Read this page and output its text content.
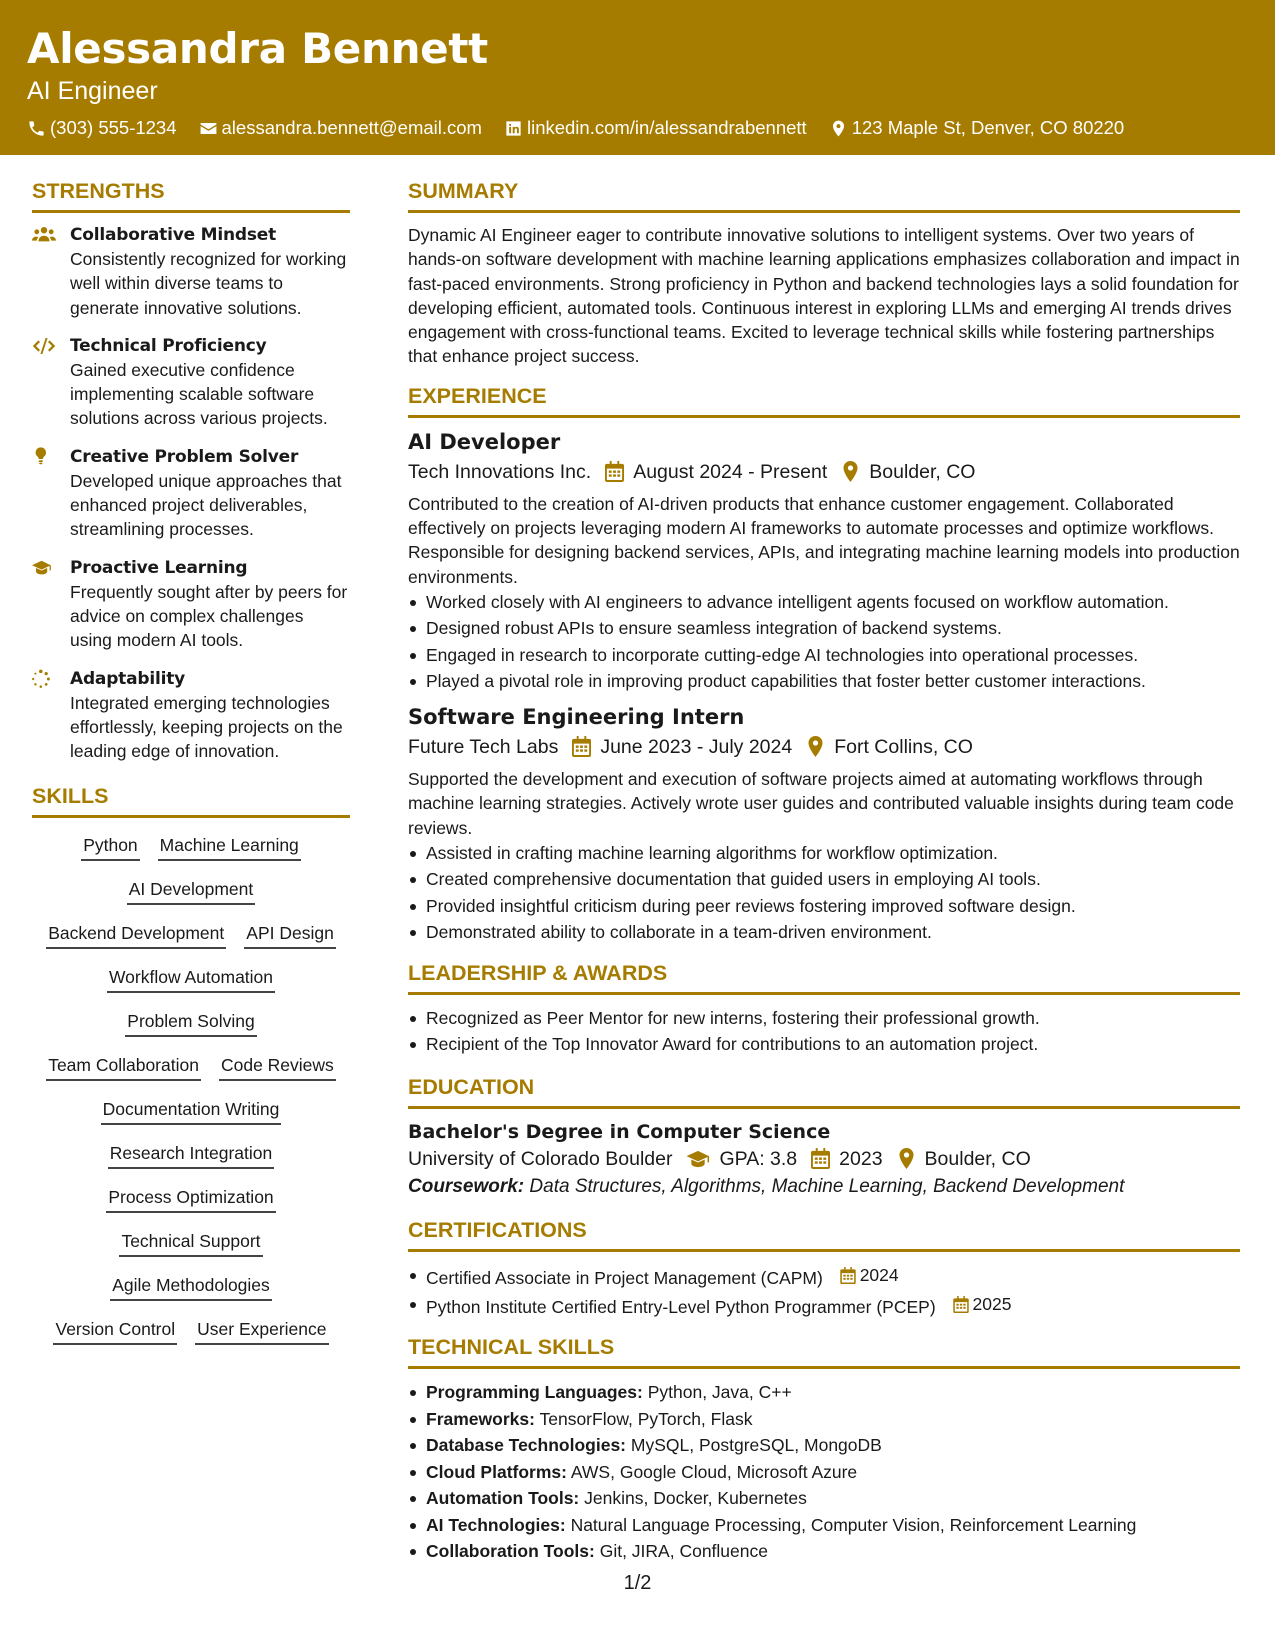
Alessandra Bennett
AI Engineer
(303) 555-1234 alessandra.bennett@email.com linkedin.com/in/alessandrabennett 123 Maple St, Denver, CO 80220
STRENGTHS
Collaborative Mindset
Consistently recognized for working well within diverse teams to generate innovative solutions.
Technical Proficiency
Gained executive confidence implementing scalable software solutions across various projects.
Creative Problem Solver
Developed unique approaches that enhanced project deliverables, streamlining processes.
Proactive Learning
Frequently sought after by peers for advice on complex challenges using modern AI tools.
Adaptability
Integrated emerging technologies effortlessly, keeping projects on the leading edge of innovation.
SKILLS
Python Machine Learning
AI Development
Backend Development API Design
Workflow Automation
Problem Solving
Team Collaboration Code Reviews
Documentation Writing
Research Integration
Process Optimization
Technical Support
Agile Methodologies
Version Control User Experience
SUMMARY
Dynamic AI Engineer eager to contribute innovative solutions to intelligent systems. Over two years of hands-on software development with machine learning applications emphasizes collaboration and impact in fast-paced environments. Strong proficiency in Python and backend technologies lays a solid foundation for developing efficient, automated tools. Continuous interest in exploring LLMs and emerging AI trends drives engagement with cross-functional teams. Excited to leverage technical skills while fostering partnerships that enhance project success.
EXPERIENCE
AI Developer
Tech Innovations Inc. August 2024 - Present Boulder, CO
Contributed to the creation of AI-driven products that enhance customer engagement. Collaborated effectively on projects leveraging modern AI frameworks to automate processes and optimize workflows. Responsible for designing backend services, APIs, and integrating machine learning models into production environments.
Worked closely with AI engineers to advance intelligent agents focused on workflow automation.
Designed robust APIs to ensure seamless integration of backend systems.
Engaged in research to incorporate cutting-edge AI technologies into operational processes.
Played a pivotal role in improving product capabilities that foster better customer interactions.
Software Engineering Intern
Future Tech Labs June 2023 - July 2024 Fort Collins, CO
Supported the development and execution of software projects aimed at automating workflows through machine learning strategies. Actively wrote user guides and contributed valuable insights during team code reviews.
Assisted in crafting machine learning algorithms for workflow optimization.
Created comprehensive documentation that guided users in employing AI tools.
Provided insightful criticism during peer reviews fostering improved software design.
Demonstrated ability to collaborate in a team-driven environment.
LEADERSHIP & AWARDS
Recognized as Peer Mentor for new interns, fostering their professional growth.
Recipient of the Top Innovator Award for contributions to an automation project.
EDUCATION
Bachelor's Degree in Computer Science
University of Colorado Boulder GPA: 3.8 2023 Boulder, CO
Coursework: Data Structures, Algorithms, Machine Learning, Backend Development
CERTIFICATIONS
Certified Associate in Project Management (CAPM) 2024
Python Institute Certified Entry-Level Python Programmer (PCEP) 2025
TECHNICAL SKILLS
Programming Languages: Python, Java, C++
Frameworks: TensorFlow, PyTorch, Flask
Database Technologies: MySQL, PostgreSQL, MongoDB
Cloud Platforms: AWS, Google Cloud, Microsoft Azure
Automation Tools: Jenkins, Docker, Kubernetes
AI Technologies: Natural Language Processing, Computer Vision, Reinforcement Learning
Collaboration Tools: Git, JIRA, Confluence
1/2
